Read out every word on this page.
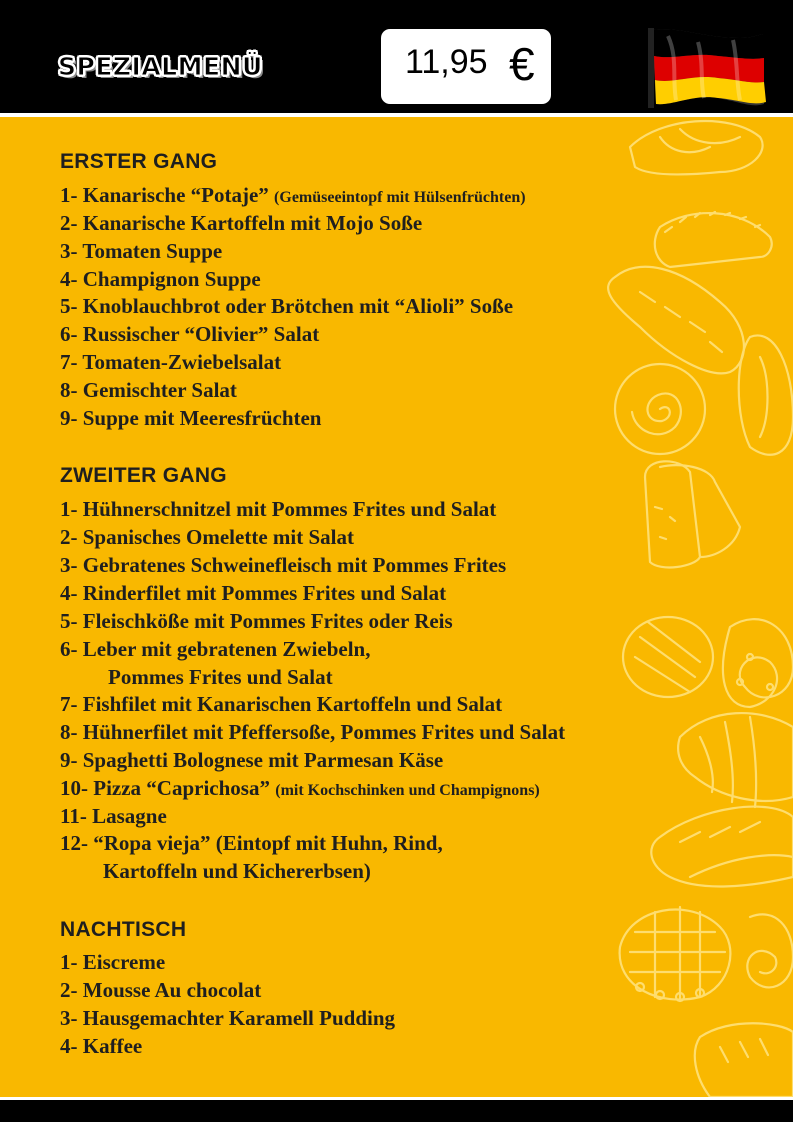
SPEZIALMENÜ	11,95 €
ERSTER GANG
1- Kanarische “Potaje” (Gemüseeintopf mit Hülsenfrüchten)
2- Kanarische Kartoffeln mit Mojo Soße
3- Tomaten Suppe
4- Champignon Suppe
5- Knoblauchbrot oder Brötchen mit “Alioli” Soße
6- Russischer “Olivier” Salat
7- Tomaten-Zwiebelsalat
8- Gemischter Salat
9- Suppe mit Meeresfrüchten
ZWEITER GANG
1- Hühnerschnitzel mit Pommes Frites und Salat
2- Spanisches Omelette mit Salat
3- Gebratenes Schweinefleisch mit Pommes Frites
4- Rinderfilet mit Pommes Frites und Salat
5- Fleischköße mit Pommes Frites oder Reis
6- Leber mit gebratenen Zwiebeln,
Pommes Frites und Salat
7- Fishfilet mit Kanarischen Kartoffeln und Salat
8- Hühnerfilet mit Pfeffersoße, Pommes Frites und Salat
9- Spaghetti Bolognese mit Parmesan Käse
10- Pizza “Caprichosa” (mit Kochschinken und Champignons)
11- Lasagne
12- “Ropa vieja” (Eintopf mit Huhn, Rind,
Kartoffeln und Kichererbsen)
NACHTISCH
1- Eiscreme
2- Mousse Au chocolat
3- Hausgemachter Karamell Pudding
4- Kaffee
